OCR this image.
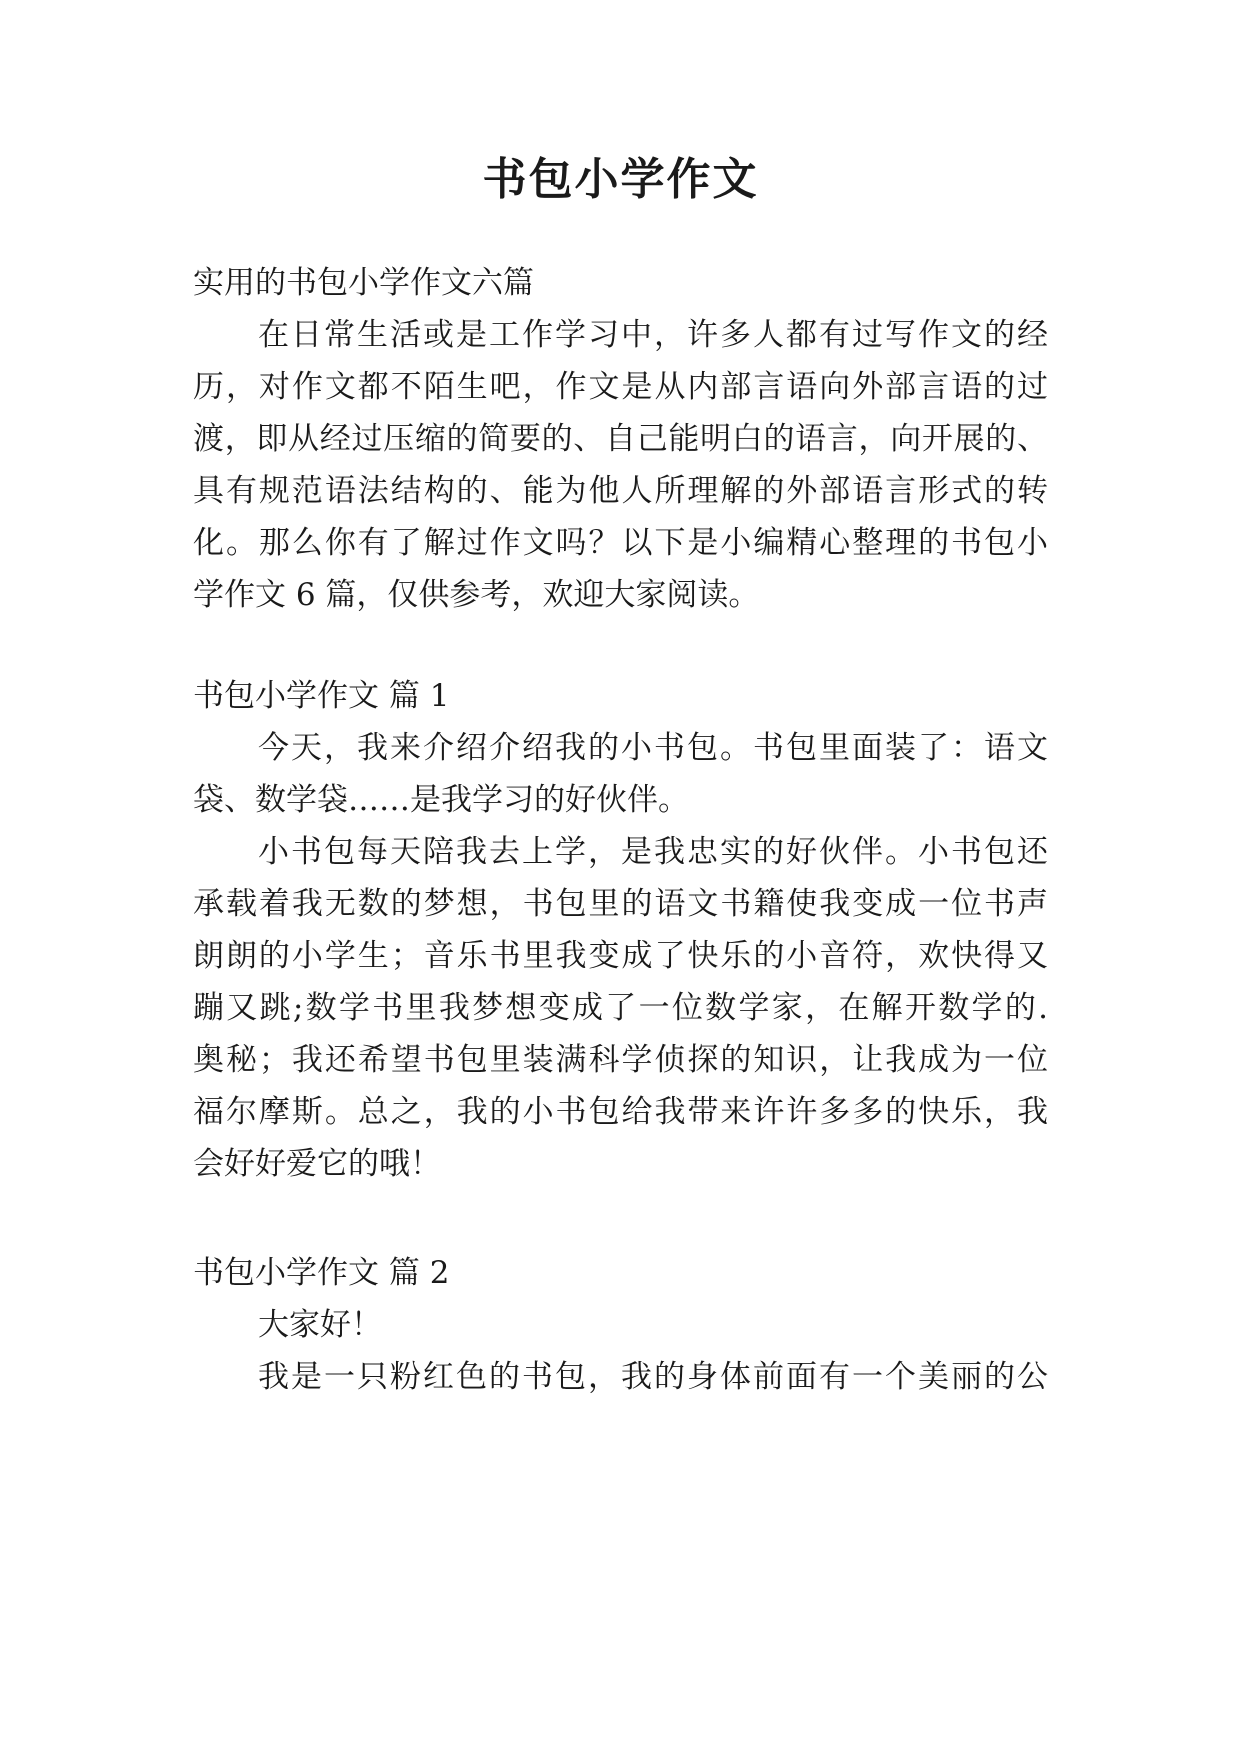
书包小学作文
实用的书包小学作文六篇
在日常生活或是工作学习中，许多人都有过写作文的经
历，对作文都不陌生吧，作文是从内部言语向外部言语的过
渡，即从经过压缩的简要的、自己能明白的语言，向开展的、
具有规范语法结构的、能为他人所理解的外部语言形式的转
化。那么你有了解过作文吗？以下是小编精心整理的书包小
学作文 6 篇，仅供参考，欢迎大家阅读。
书包小学作文 篇 1
今天，我来介绍介绍我的小书包。书包里面装了：语文
袋、数学袋……是我学习的好伙伴。
小书包每天陪我去上学，是我忠实的好伙伴。小书包还
承载着我无数的梦想，书包里的语文书籍使我变成一位书声
朗朗的小学生；音乐书里我变成了快乐的小音符，欢快得又
蹦又跳;数学书里我梦想变成了一位数学家，在解开数学的.
奥秘；我还希望书包里装满科学侦探的知识，让我成为一位
福尔摩斯。总之，我的小书包给我带来许许多多的快乐，我
会好好爱它的哦！
书包小学作文 篇 2
大家好！
我是一只粉红色的书包，我的身体前面有一个美丽的公
